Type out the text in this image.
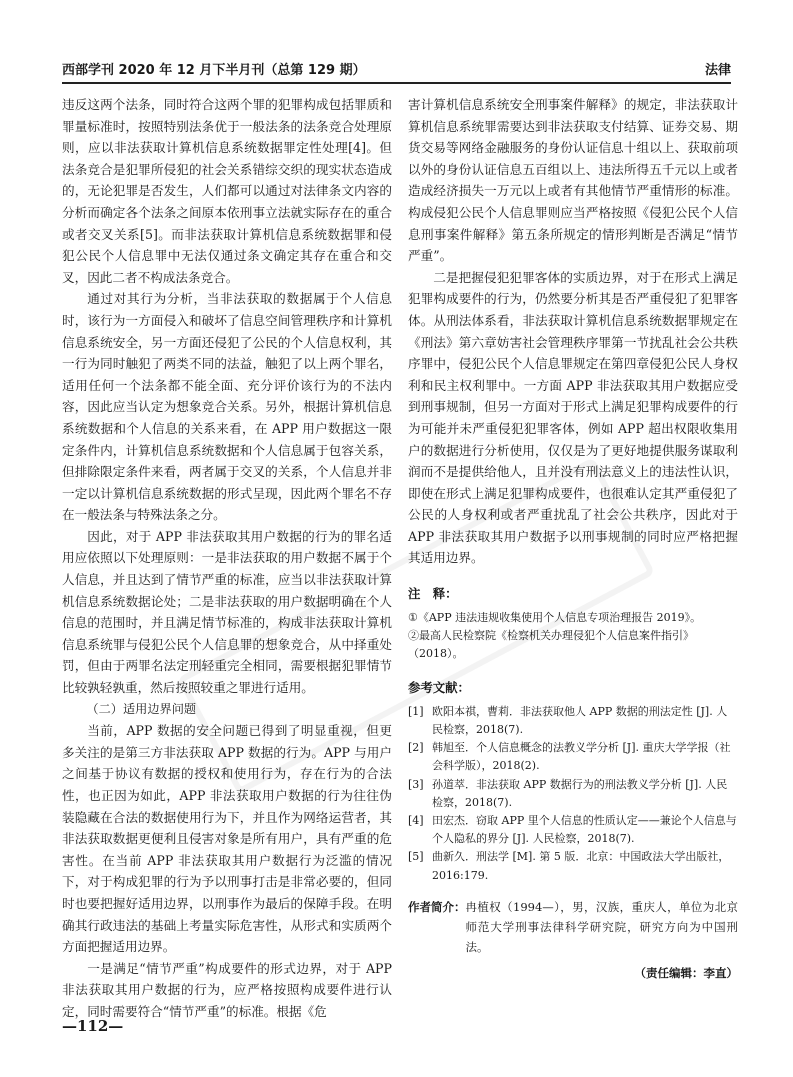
西部学刊 2020 年 12 月下半月刊（总第 129 期）	法律

违反这两个法条，同时符合这两个罪的犯罪构成包括罪质和罪量标准时，按照特别法条优于一般法条的法条竞合处理原则，应以非法获取计算机信息系统数据罪定性处理[4]。但法条竞合是犯罪所侵犯的社会关系错综交织的现实状态造成的，无论犯罪是否发生，人们都可以通过对法律条文内容的分析而确定各个法条之间原本依刑事立法就实际存在的重合或者交叉关系[5]。而非法获取计算机信息系统数据罪和侵犯公民个人信息罪中无法仅通过条文确定其存在重合和交叉，因此二者不构成法条竞合。

通过对其行为分析，当非法获取的数据属于个人信息时，该行为一方面侵入和破坏了信息空间管理秩序和计算机信息系统安全，另一方面还侵犯了公民的个人信息权利，其一行为同时触犯了两类不同的法益，触犯了以上两个罪名，适用任何一个法条都不能全面、充分评价该行为的不法内容，因此应当认定为想象竞合关系。另外，根据计算机信息系统数据和个人信息的关系来看，在 APP 用户数据这一限定条件内，计算机信息系统数据和个人信息属于包容关系，但排除限定条件来看，两者属于交叉的关系，个人信息并非一定以计算机信息系统数据的形式呈现，因此两个罪名不存在一般法条与特殊法条之分。

因此，对于 APP 非法获取其用户数据的行为的罪名适用应依照以下处理原则：一是非法获取的用户数据不属于个人信息，并且达到了情节严重的标准，应当以非法获取计算机信息系统数据论处；二是非法获取的用户数据明确在个人信息的范围时，并且满足情节标准的，构成非法获取计算机信息系统罪与侵犯公民个人信息罪的想象竞合，从中择重处罚，但由于两罪名法定刑轻重完全相同，需要根据犯罪情节比较孰轻孰重，然后按照较重之罪进行适用。

（二）适用边界问题

当前，APP 数据的安全问题已得到了明显重视，但更多关注的是第三方非法获取 APP 数据的行为。APP 与用户之间基于协议有数据的授权和使用行为，存在行为的合法性，也正因为如此，APP 非法获取用户数据的行为往往伪装隐藏在合法的数据使用行为下，并且作为网络运营者，其非法获取数据更便利且侵害对象是所有用户，具有严重的危害性。在当前 APP 非法获取其用户数据行为泛滥的情况下，对于构成犯罪的行为予以刑事打击是非常必要的，但同时也要把握好适用边界，以刑事作为最后的保障手段。在明确其行政违法的基础上考量实际危害性，从形式和实质两个方面把握适用边界。

一是满足“情节严重”构成要件的形式边界，对于 APP 非法获取其用户数据的行为，应严格按照构成要件进行认定，同时需要符合“情节严重”的标准。根据《危

害计算机信息系统安全刑事案件解释》的规定，非法获取计算机信息系统罪需要达到非法获取支付结算、证券交易、期货交易等网络金融服务的身份认证信息十组以上、获取前项以外的身份认证信息五百组以上、违法所得五千元以上或者造成经济损失一万元以上或者有其他情节严重情形的标准。构成侵犯公民个人信息罪则应当严格按照《侵犯公民个人信息刑事案件解释》第五条所规定的情形判断是否满足“情节严重”。

二是把握侵犯犯罪客体的实质边界，对于在形式上满足犯罪构成要件的行为，仍然要分析其是否严重侵犯了犯罪客体。从刑法体系看，非法获取计算机信息系统数据罪规定在《刑法》第六章妨害社会管理秩序罪第一节扰乱社会公共秩序罪中，侵犯公民个人信息罪规定在第四章侵犯公民人身权利和民主权利罪中。一方面 APP 非法获取其用户数据应受到刑事规制，但另一方面对于形式上满足犯罪构成要件的行为可能并未严重侵犯犯罪客体，例如 APP 超出权限收集用户的数据进行分析使用，仅仅是为了更好地提供服务谋取利润而不是提供给他人，且并没有刑法意义上的违法性认识，即使在形式上满足犯罪构成要件，也很难认定其严重侵犯了公民的人身权利或者严重扰乱了社会公共秩序，因此对于 APP 非法获取其用户数据予以刑事规制的同时应严格把握其适用边界。

注　释：
①《APP 违法违规收集使用个人信息专项治理报告 2019》。
②最高人民检察院《检察机关办理侵犯个人信息案件指引》（2018）。
参考文献：
[1] 欧阳本祺，曹莉．非法获取他人 APP 数据的刑法定性 [J]. 人民检察，2018(7).
[2] 韩旭至．个人信息概念的法教义学分析 [J]. 重庆大学学报（社会科学版），2018(2).
[3] 孙道萃．非法获取 APP 数据行为的刑法教义学分析 [J]. 人民检察，2018(7).
[4] 田宏杰．窃取 APP 里个人信息的性质认定——兼论个人信息与个人隐私的界分 [J]. 人民检察，2018(7).
[5] 曲新久．刑法学 [M]. 第 5 版．北京：中国政法大学出版社，2016:179.
作者简介： 冉植权（1994—），男，汉族，重庆人，单位为北京师范大学刑事法律科学研究院，研究方向为中国刑法。
（责任编辑：李直）
—112—
